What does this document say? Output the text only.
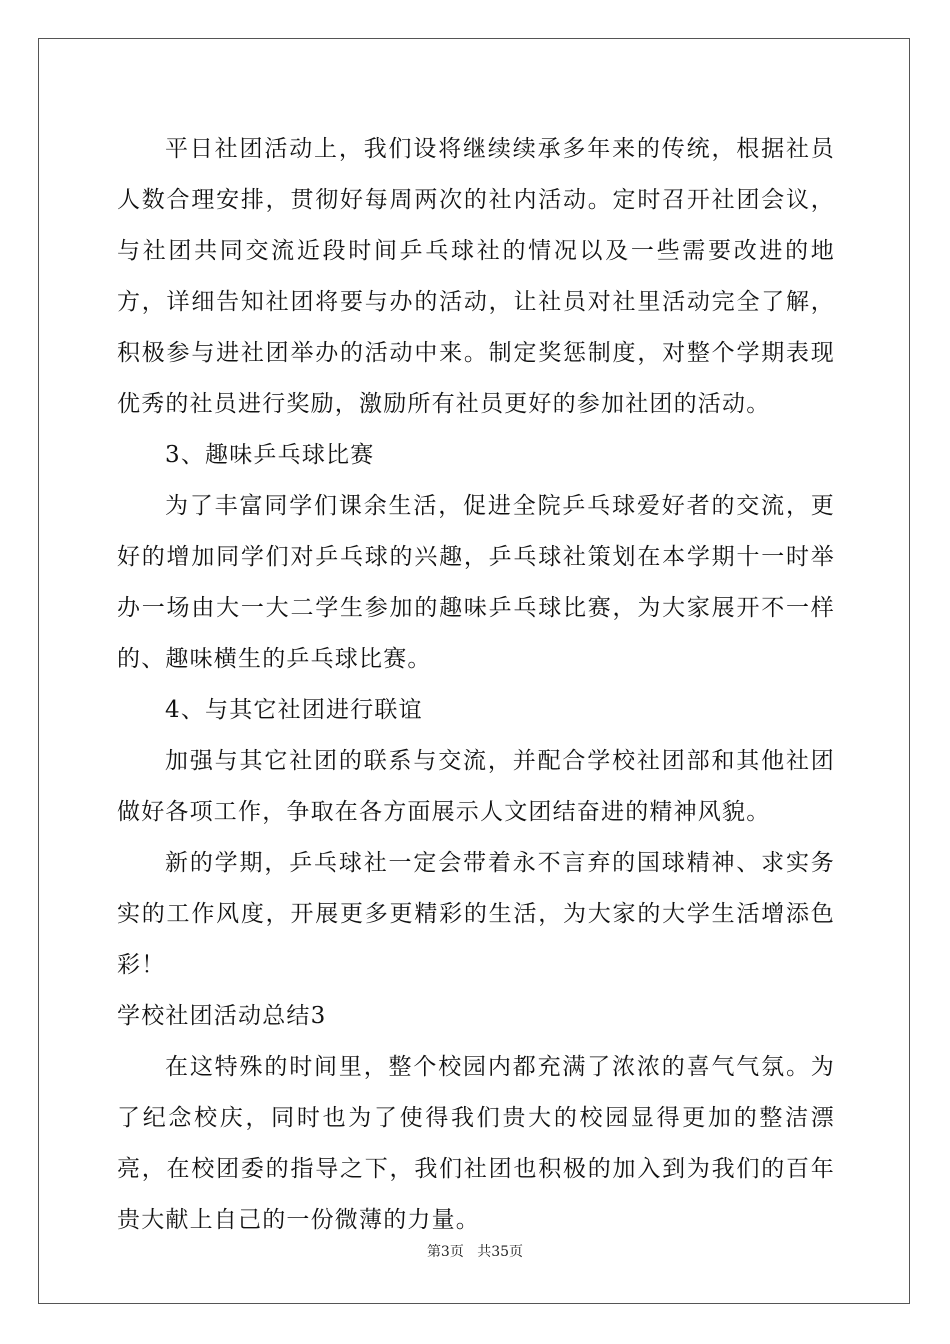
平日社团活动上，我们设将继续续承多年来的传统，根据社员人数合理安排，贯彻好每周两次的社内活动。定时召开社团会议，与社团共同交流近段时间乒乓球社的情况以及一些需要改进的地方，详细告知社团将要与办的活动，让社员对社里活动完全了解，积极参与进社团举办的活动中来。制定奖惩制度，对整个学期表现优秀的社员进行奖励，激励所有社员更好的参加社团的活动。

3、趣味乒乓球比赛

为了丰富同学们课余生活，促进全院乒乓球爱好者的交流，更好的增加同学们对乒乓球的兴趣，乒乓球社策划在本学期十一时举办一场由大一大二学生参加的趣味乒乓球比赛，为大家展开不一样的、趣味横生的乒乓球比赛。

4、与其它社团进行联谊

加强与其它社团的联系与交流，并配合学校社团部和其他社团做好各项工作，争取在各方面展示人文团结奋进的精神风貌。

新的学期，乒乓球社一定会带着永不言弃的国球精神、求实务实的工作风度，开展更多更精彩的生活，为大家的大学生活增添色彩！

学校社团活动总结3

在这特殊的时间里，整个校园内都充满了浓浓的喜气气氛。为了纪念校庆，同时也为了使得我们贵大的校园显得更加的整洁漂亮，在校团委的指导之下，我们社团也积极的加入到为我们的百年贵大献上自己的一份微薄的力量。

第3页 共35页
